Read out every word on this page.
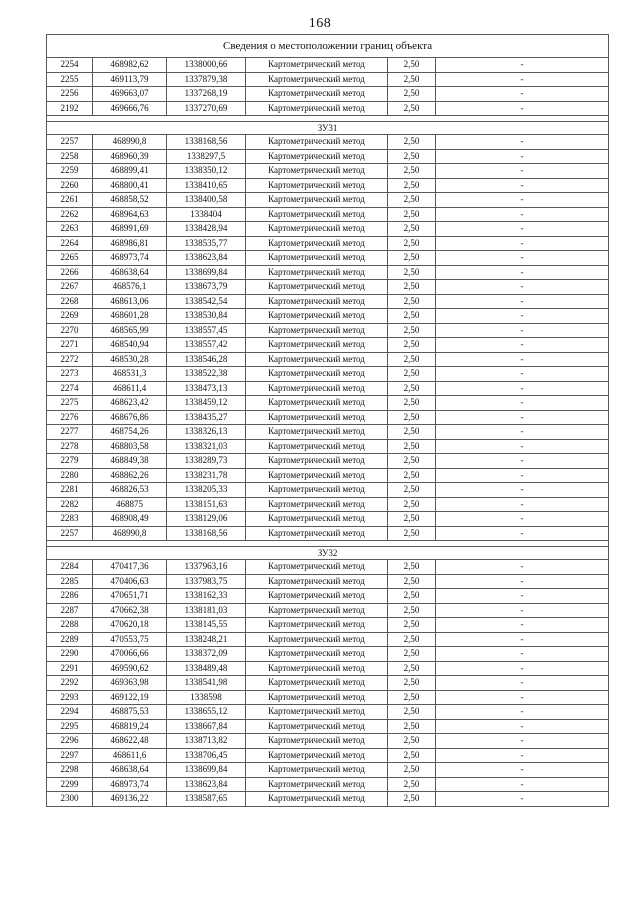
168
Сведения о местоположении границ объекта					
2254	468982,62	1338000,66	Картометрический метод	2,50	-
2255	469113,79	1337879,38	Картометрический метод	2,50	-
2256	469663,07	1337268,19	Картометрический метод	2,50	-
2192	469666,76	1337270,69	Картометрический метод	2,50	-

ЗУ31					
2257	468990,8	1338168,56	Картометрический метод	2,50	-
2258	468960,39	1338297,5	Картометрический метод	2,50	-
2259	468899,41	1338350,12	Картометрический метод	2,50	-
2260	468800,41	1338410,65	Картометрический метод	2,50	-
2261	468858,52	1338400,58	Картометрический метод	2,50	-
2262	468964,63	1338404	Картометрический метод	2,50	-
2263	468991,69	1338428,94	Картометрический метод	2,50	-
2264	468986,81	1338535,77	Картометрический метод	2,50	-
2265	468973,74	1338623,84	Картометрический метод	2,50	-
2266	468638,64	1338699,84	Картометрический метод	2,50	-
2267	468576,1	1338673,79	Картометрический метод	2,50	-
2268	468613,06	1338542,54	Картометрический метод	2,50	-
2269	468601,28	1338530,84	Картометрический метод	2,50	-
2270	468565,99	1338557,45	Картометрический метод	2,50	-
2271	468540,94	1338557,42	Картометрический метод	2,50	-
2272	468530,28	1338546,28	Картометрический метод	2,50	-
2273	468531,3	1338522,38	Картометрический метод	2,50	-
2274	468611,4	1338473,13	Картометрический метод	2,50	-
2275	468623,42	1338459,12	Картометрический метод	2,50	-
2276	468676,86	1338435,27	Картометрический метод	2,50	-
2277	468754,26	1338326,13	Картометрический метод	2,50	-
2278	468803,58	1338321,03	Картометрический метод	2,50	-
2279	468849,38	1338289,73	Картометрический метод	2,50	-
2280	468862,26	1338231,78	Картометрический метод	2,50	-
2281	468826,53	1338205,33	Картометрический метод	2,50	-
2282	468875	1338151,63	Картометрический метод	2,50	-
2283	468908,49	1338129,06	Картометрический метод	2,50	-
2257	468990,8	1338168,56	Картометрический метод	2,50	-

ЗУ32					
2284	470417,36	1337963,16	Картометрический метод	2,50	-
2285	470406,63	1337983,75	Картометрический метод	2,50	-
2286	470651,71	1338162,33	Картометрический метод	2,50	-
2287	470662,38	1338181,03	Картометрический метод	2,50	-
2288	470620,18	1338145,55	Картометрический метод	2,50	-
2289	470553,75	1338248,21	Картометрический метод	2,50	-
2290	470066,66	1338372,09	Картометрический метод	2,50	-
2291	469590,62	1338489,48	Картометрический метод	2,50	-
2292	469363,98	1338541,98	Картометрический метод	2,50	-
2293	469122,19	1338598	Картометрический метод	2,50	-
2294	468875,53	1338655,12	Картометрический метод	2,50	-
2295	468819,24	1338667,84	Картометрический метод	2,50	-
2296	468622,48	1338713,82	Картометрический метод	2,50	-
2297	468611,6	1338706,45	Картометрический метод	2,50	-
2298	468638,64	1338699,84	Картометрический метод	2,50	-
2299	468973,74	1338623,84	Картометрический метод	2,50	-
2300	469136,22	1338587,65	Картометрический метод	2,50	-
